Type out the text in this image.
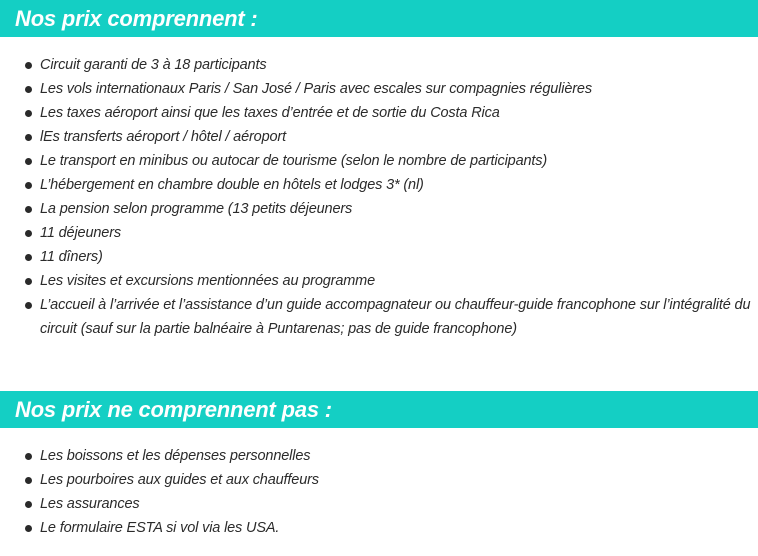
Nos prix comprennent :
Circuit garanti de 3 à 18 participants
Les vols internationaux Paris / San José / Paris avec escales sur compagnies régulières
Les taxes aéroport ainsi que les taxes d’entrée et de sortie du Costa Rica
lEs transferts aéroport / hôtel / aéroport
Le transport en minibus ou autocar de tourisme (selon le nombre de participants)
L’hébergement en chambre double en hôtels et lodges 3* (nl)
La pension selon programme (13 petits déjeuners
11 déjeuners
11 dîners)
Les visites et excursions mentionnées au programme
L’accueil à l’arrivée et l’assistance d’un guide accompagnateur ou chauffeur-guide francophone sur l’intégralité du circuit (sauf sur la partie balnéaire à Puntarenas; pas de guide francophone)
Nos prix ne comprennent pas :
Les boissons et les dépenses personnelles
Les pourboires aux guides et aux chauffeurs
Les assurances
Le formulaire ESTA si vol via les USA.
